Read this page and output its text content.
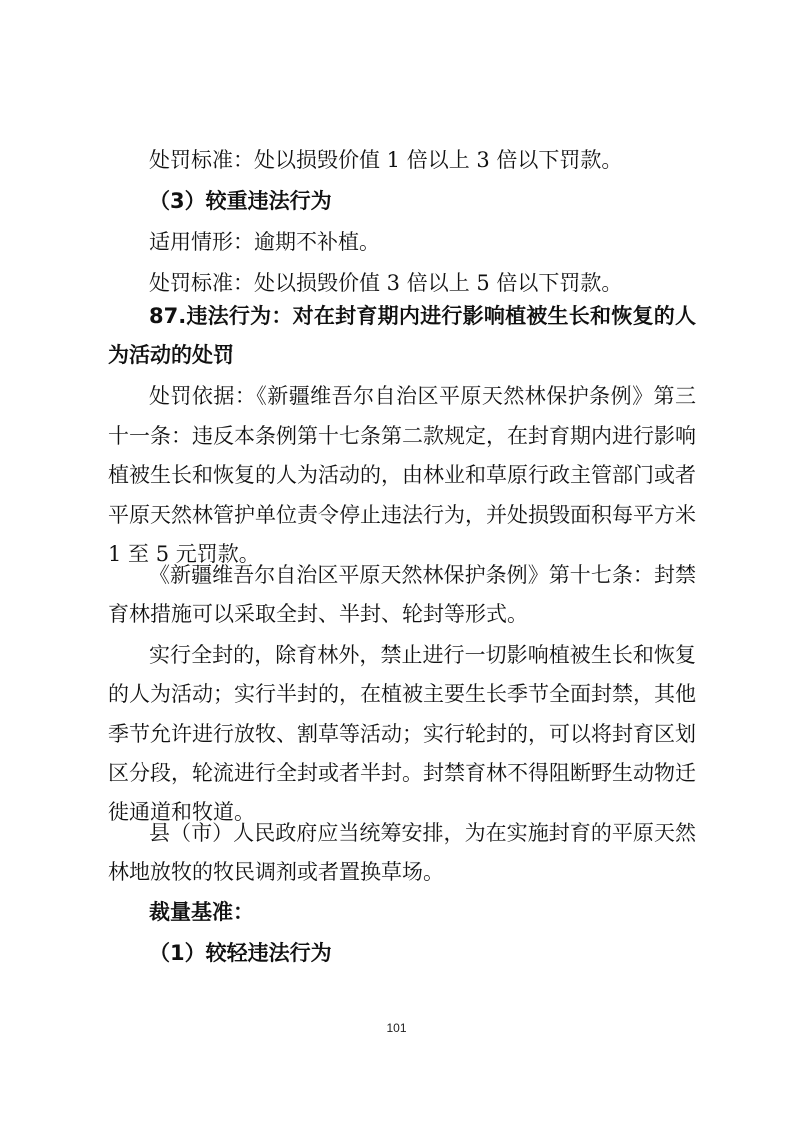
处罚标准：处以损毁价值 1 倍以上 3 倍以下罚款。
（3）较重违法行为
适用情形：逾期不补植。
处罚标准：处以损毁价值 3 倍以上 5 倍以下罚款。
87.违法行为：对在封育期内进行影响植被生长和恢复的人
为活动的处罚
处罚依据：《新疆维吾尔自治区平原天然林保护条例》第三
十一条：违反本条例第十七条第二款规定，在封育期内进行影响
植被生长和恢复的人为活动的，由林业和草原行政主管部门或者
平原天然林管护单位责令停止违法行为，并处损毁面积每平方米
1 至 5 元罚款。
《新疆维吾尔自治区平原天然林保护条例》第十七条：封禁
育林措施可以采取全封、半封、轮封等形式。
实行全封的，除育林外，禁止进行一切影响植被生长和恢复
的人为活动；实行半封的，在植被主要生长季节全面封禁，其他
季节允许进行放牧、割草等活动；实行轮封的，可以将封育区划
区分段，轮流进行全封或者半封。封禁育林不得阻断野生动物迁
徙通道和牧道。
县（市）人民政府应当统筹安排，为在实施封育的平原天然
林地放牧的牧民调剂或者置换草场。
裁量基准：
（1）较轻违法行为
101
